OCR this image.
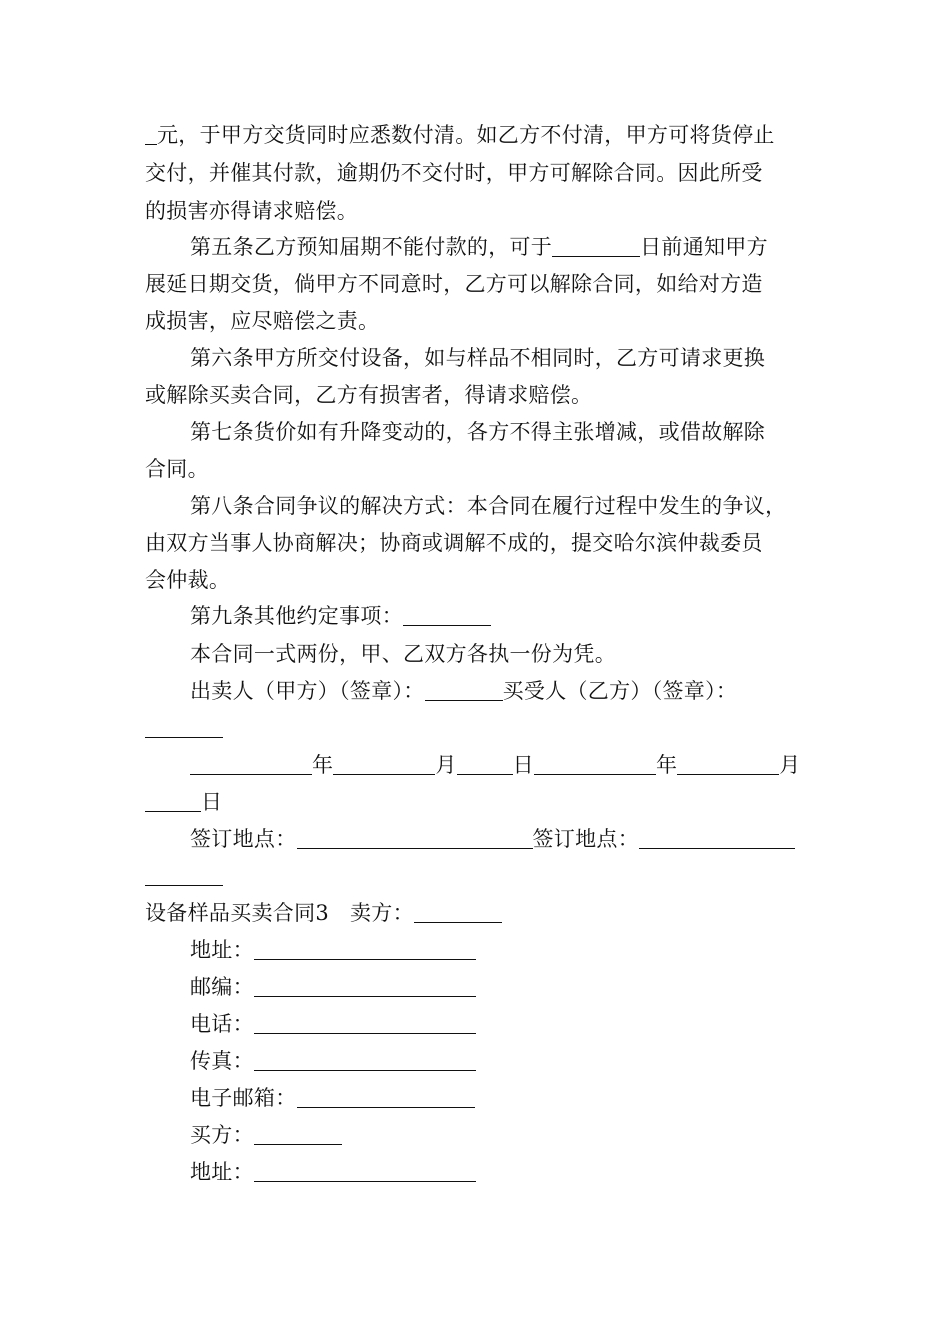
元，于甲方交货同时应悉数付清。如乙方不付清，甲方可将货停止
交付，并催其付款，逾期仍不交付时，甲方可解除合同。因此所受
的损害亦得请求赔偿。
第五条乙方预知届期不能付款的，可于	日前通知甲方
展延日期交货，倘甲方不同意时，乙方可以解除合同，如给对方造
成损害，应尽赔偿之责。
第六条甲方所交付设备，如与样品不相同时，乙方可请求更换
或解除买卖合同，乙方有损害者，得请求赔偿。
第七条货价如有升降变动的，各方不得主张增减，或借故解除
合同。
第八条合同争议的解决方式：本合同在履行过程中发生的争议，
由双方当事人协商解决；协商或调解不成的，提交哈尔滨仲裁委员
会仲裁。
第九条其他约定事项：
本合同一式两份，甲、乙双方各执一份为凭。
出卖人（甲方）（签章）：	买受人（乙方）（签章）：
年	月	日	年	月
日
签订地点：	签订地点：
设备样品买卖合同3 卖方：
地址：
邮编：
电话：
传真：
电子邮箱：
买方：
地址：
